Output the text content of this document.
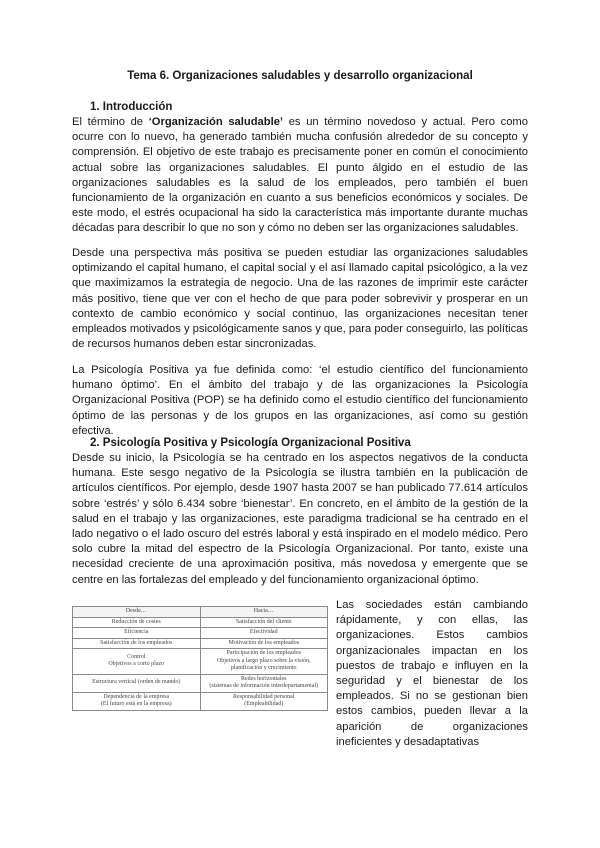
Tema 6. Organizaciones saludables y desarrollo organizacional
1. Introducción

El término de ‘Organización saludable’ es un término novedoso y actual. Pero como ocurre con lo nuevo, ha generado también mucha confusión alrededor de su concepto y comprensión. El objetivo de este trabajo es precisamente poner en común el conocimiento actual sobre las organizaciones saludables. El punto álgido en el estudio de las organizaciones saludables es la salud de los empleados, pero también el buen funcionamiento de la organización en cuanto a sus beneficios económicos y sociales. De este modo, el estrés ocupacional ha sido la característica más importante durante muchas décadas para describir lo que no son y cómo no deben ser las organizaciones saludables.

Desde una perspectiva más positiva se pueden estudiar las organizaciones saludables optimizando el capital humano, el capital social y el así llamado capital psicológico, a la vez que maximizamos la estrategia de negocio. Una de las razones de imprimir este carácter más positivo, tiene que ver con el hecho de que para poder sobrevivir y prosperar en un contexto de cambio económico y social continuo, las organizaciones necesitan tener empleados motivados y psicológicamente sanos y que, para poder conseguirlo, las políticas de recursos humanos deben estar sincronizadas.

La Psicología Positiva ya fue definida como: ‘el estudio científico del funcionamiento humano óptimo’. En el ámbito del trabajo y de las organizaciones la Psicología Organizacional Positiva (POP) se ha definido como el estudio científico del funcionamiento óptimo de las personas y de los grupos en las organizaciones, así como su gestión efectiva.

2. Psicología Positiva y Psicología Organizacional Positiva

Desde su inicio, la Psicología se ha centrado en los aspectos negativos de la conducta humana. Este sesgo negativo de la Psicología se ilustra también en la publicación de artículos científicos. Por ejemplo, desde 1907 hasta 2007 se han publicado 77.614 artículos sobre ‘estrés’ y sólo 6.434 sobre ‘bienestar’. En concreto, en el ámbito de la gestión de la salud en el trabajo y las organizaciones, este paradigma tradicional se ha centrado en el lado negativo o el lado oscuro del estrés laboral y está inspirado en el modelo médico. Pero solo cubre la mitad del espectro de la Psicología Organizacional. Por tanto, existe una necesidad creciente de una aproximación positiva, más novedosa y emergente que se centre en las fortalezas del empleado y del funcionamiento organizacional óptimo.

Desde…	Hacia…

Reducción de costes	Satisfacción del cliente

Eficiencia	Efectividad

Satisfacción de los empleados	Motivación de los empleados

Control
Objetivos a corto plazo	Participación de los empleados
Objetivos a largo plazo sobre la visión, planificación y crecimiento

Estructura vertical (orden de mando)	Redes horizontales
(sistemas de información interdepartamental)

Dependencia de la empresa
(El futuro está en la empresa)	Responsabilidad personal
(Empleabilidad)

Las sociedades están cambiando rápidamente, y con ellas, las organizaciones. Estos cambios organizacionales impactan en los puestos de trabajo e influyen en la seguridad y el bienestar de los empleados. Si no se gestionan bien estos cambios, pueden llevar a la aparición de organizaciones ineficientes y desadaptativas
